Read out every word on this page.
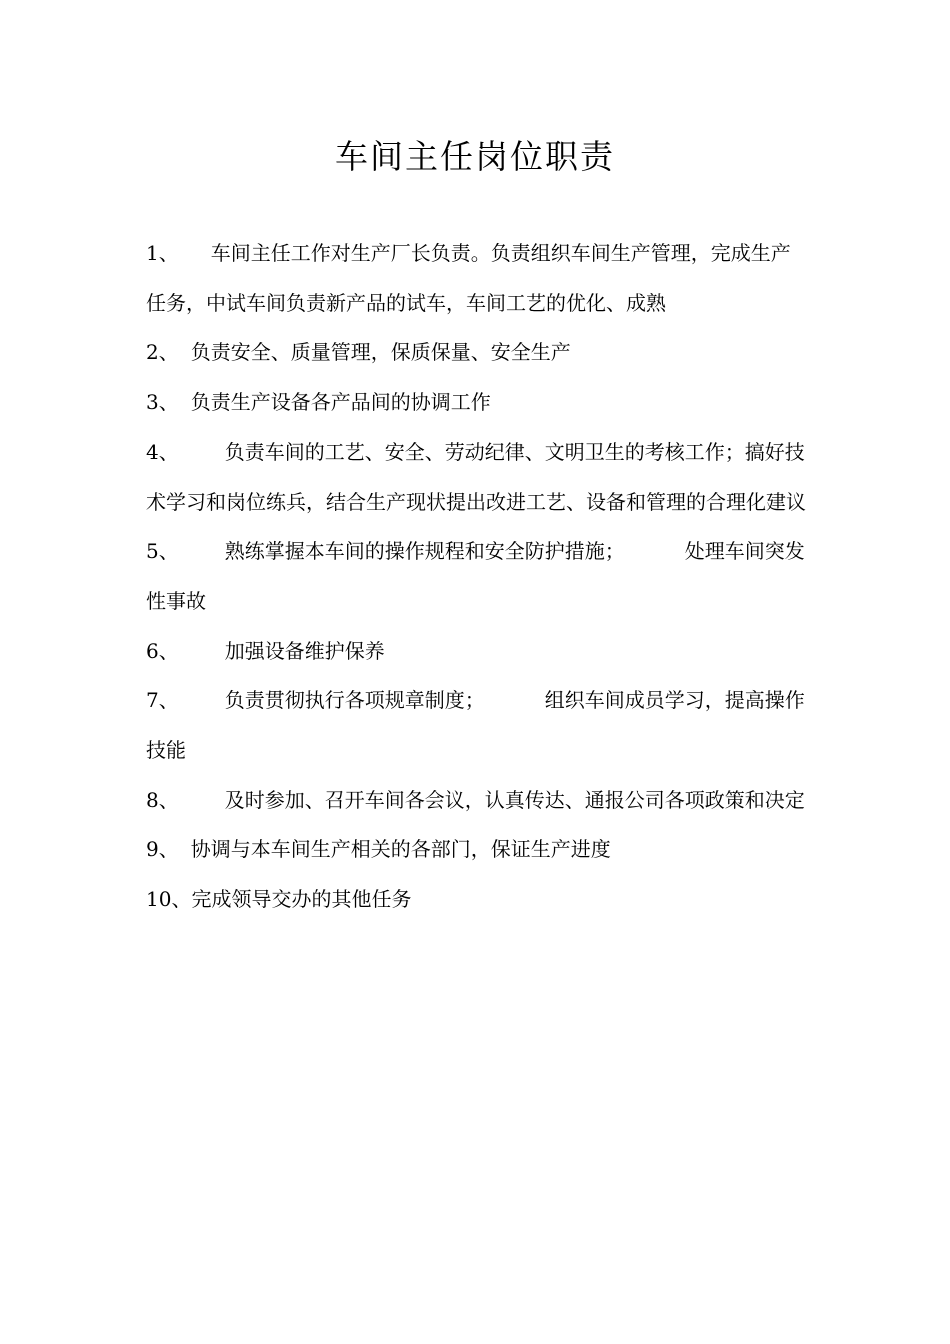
车间主任岗位职责

1、 车间主任工作对生产厂长负责。负责组织车间生产管理，完成生产任务，中试车间负责新产品的试车，车间工艺的优化、成熟

2、 负责安全、质量管理，保质保量、安全生产

3、 负责生产设备各产品间的协调工作

4、 负责车间的工艺、安全、劳动纪律、文明卫生的考核工作；搞好技术学习和岗位练兵，结合生产现状提出改进工艺、设备和管理的合理化建议

5、 熟练掌握本车间的操作规程和安全防护措施；	处理车间突发性事故

6、 加强设备维护保养

7、 负责贯彻执行各项规章制度；	组织车间成员学习，提高操作技能

8、 及时参加、召开车间各会议，认真传达、通报公司各项政策和决定

9、 协调与本车间生产相关的各部门，保证生产进度

10、完成领导交办的其他任务
